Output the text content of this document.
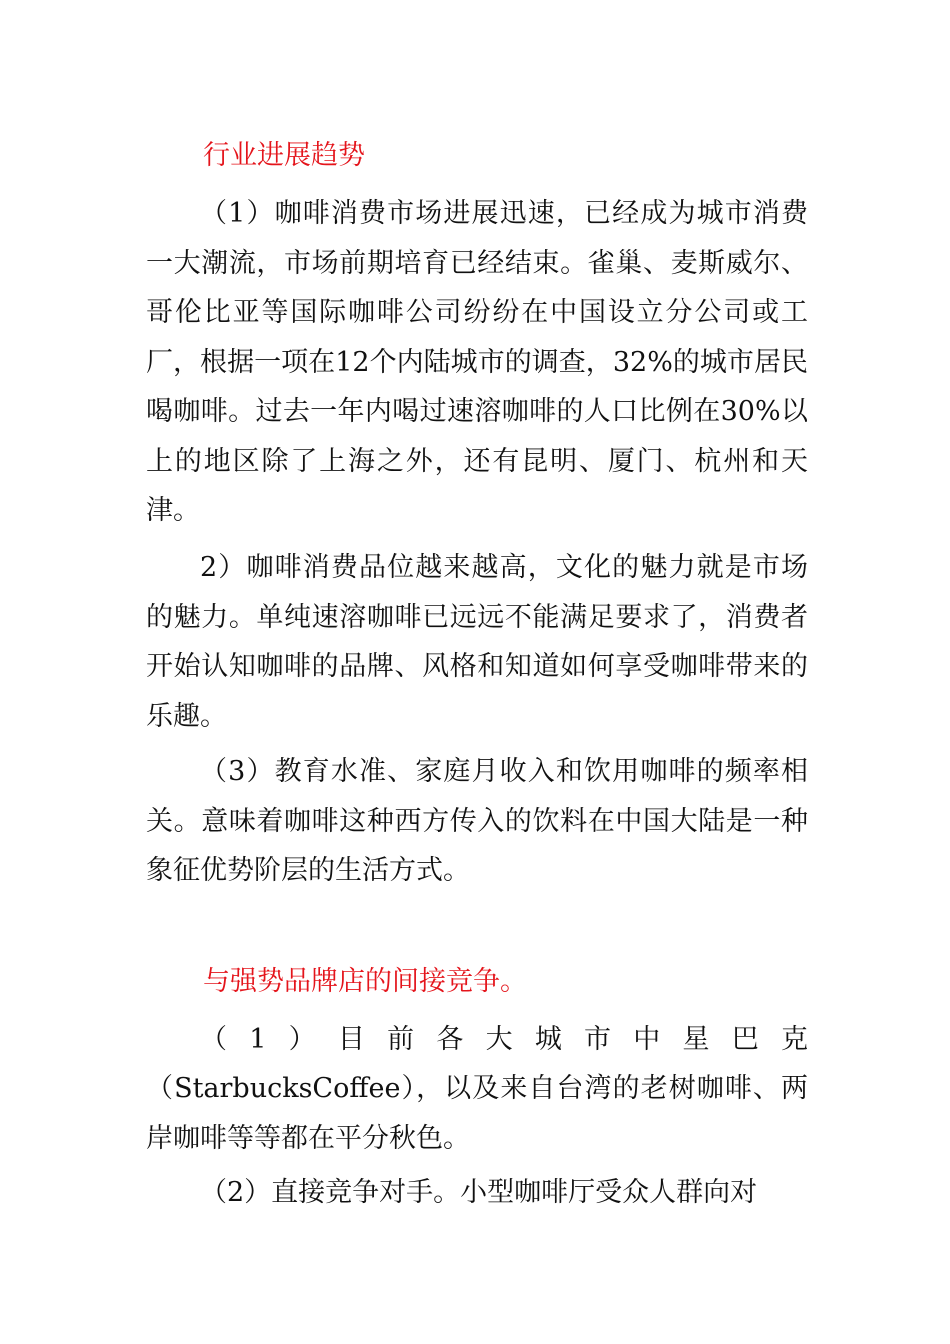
行业进展趋势

（1）咖啡消费市场进展迅速，已经成为城市消费一大潮流，市场前期培育已经结束。雀巢、麦斯威尔、哥伦比亚等国际咖啡公司纷纷在中国设立分公司或工厂，根据一项在12个内陆城市的调查，32%的城市居民喝咖啡。过去一年内喝过速溶咖啡的人口比例在30%以上的地区除了上海之外，还有昆明、厦门、杭州和天津。

2）咖啡消费品位越来越高，文化的魅力就是市场的魅力。单纯速溶咖啡已远远不能满足要求了，消费者开始认知咖啡的品牌、风格和知道如何享受咖啡带来的乐趣。

（3）教育水准、家庭月收入和饮用咖啡的频率相关。意味着咖啡这种西方传入的饮料在中国大陆是一种象征优势阶层的生活方式。

与强势品牌店的间接竞争。

（1）目前各大城市中星巴克

（StarbucksCoffee），以及来自台湾的老树咖啡、两岸咖啡等等都在平分秋色。

（2）直接竞争对手。小型咖啡厅受众人群向对
